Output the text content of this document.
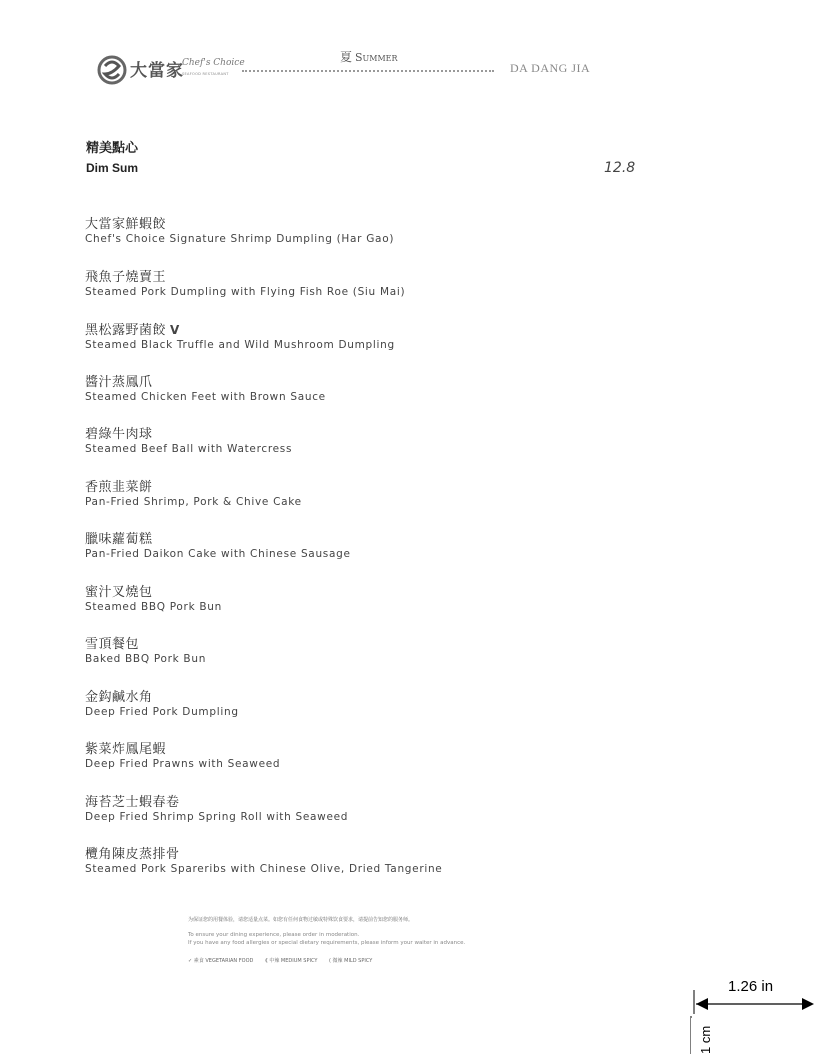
大當家
Chef's Choice
SEAFOOD RESTAURANT
夏 Summer
DA DANG JIA
精美點心
Dim Sum	12.8
大當家鮮蝦餃
Chef's Choice Signature Shrimp Dumpling (Har Gao)
飛魚子燒賣王
Steamed Pork Dumpling with Flying Fish Roe (Siu Mai)
黑松露野菌餃 V
Steamed Black Truffle and Wild Mushroom Dumpling
醬汁蒸鳳爪
Steamed Chicken Feet with Brown Sauce
碧綠牛肉球
Steamed Beef Ball with Watercress
香煎韭菜餅
Pan-Fried Shrimp, Pork & Chive Cake
臘味蘿蔔糕
Pan-Fried Daikon Cake with Chinese Sausage
蜜汁叉燒包
Steamed BBQ Pork Bun
雪頂餐包
Baked BBQ Pork Bun
金鈎鹹水角
Deep Fried Pork Dumpling
紫菜炸鳳尾蝦
Deep Fried Prawns with Seaweed
海苔芝士蝦春卷
Deep Fried Shrimp Spring Roll with Seaweed
欖角陳皮蒸排骨
Steamed Pork Spareribs with Chinese Olive, Dried Tangerine
为保证您的用餐体验，请您适量点菜。如您有任何食物过敏或特殊饮食要求，请提前告知您的服务师。
To ensure your dining experience, please order in moderation.
If you have any food allergies or special dietary requirements, please inform your waiter in advance.
✓ 素食 VEGETARIAN FOOD ⟪ 中辣 MEDIUM SPICY ( 微辣 MILD SPICY
1.26 in
1 cm
